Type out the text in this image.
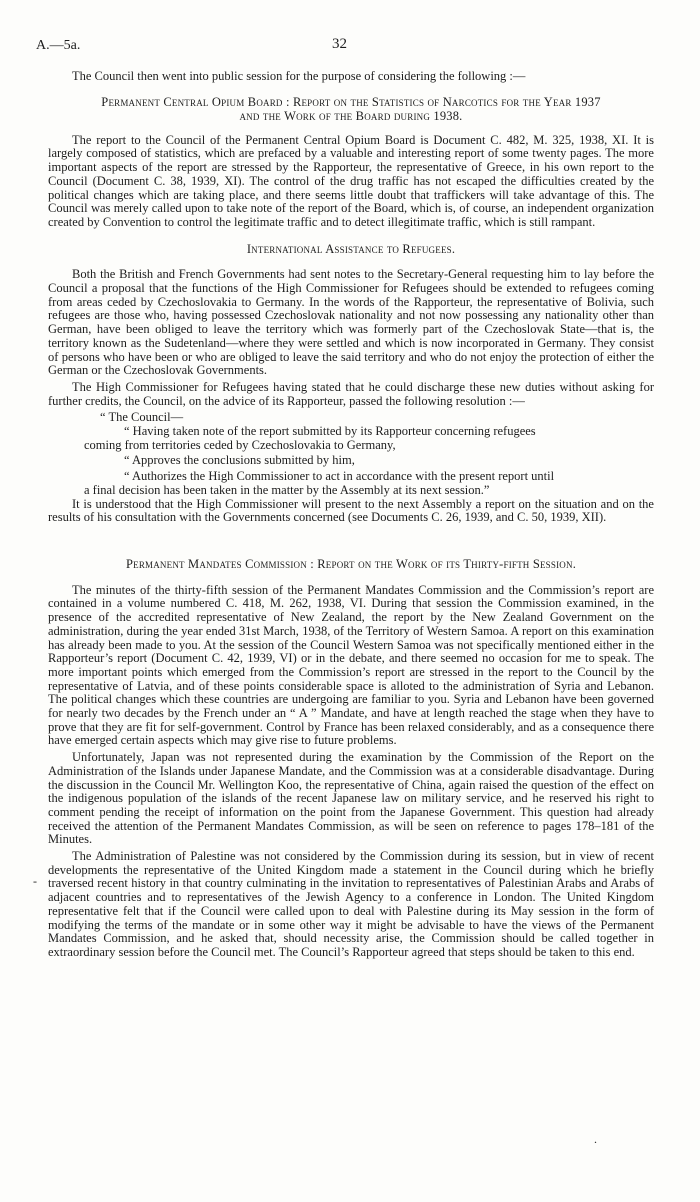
A.—5a.	32

The Council then went into public session for the purpose of considering the following :—

Permanent Central Opium Board : Report on the Statistics of Narcotics for the Year 1937
and the Work of the Board during 1938.

The report to the Council of the Permanent Central Opium Board is Document C. 482, M. 325, 1938, XI. It is largely composed of statistics, which are prefaced by a valuable and interesting report of some twenty pages. The more important aspects of the report are stressed by the Rapporteur, the representative of Greece, in his own report to the Council (Document C. 38, 1939, XI). The control of the drug traffic has not escaped the difficulties created by the political changes which are taking place, and there seems little doubt that traffickers will take advantage of this. The Council was merely called upon to take note of the report of the Board, which is, of course, an independent organization created by Convention to control the legitimate traffic and to detect illegitimate traffic, which is still rampant.

International Assistance to Refugees.

Both the British and French Governments had sent notes to the Secretary-General requesting him to lay before the Council a proposal that the functions of the High Commissioner for Refugees should be extended to refugees coming from areas ceded by Czechoslovakia to Germany. In the words of the Rapporteur, the representative of Bolivia, such refugees are those who, having possessed Czechoslovak nationality and not now possessing any nationality other than German, have been obliged to leave the territory which was formerly part of the Czechoslovak State—that is, the territory known as the Sudetenland—where they were settled and which is now incorporated in Germany. They consist of persons who have been or who are obliged to leave the said territory and who do not enjoy the protection of either the German or the Czechoslovak Governments.

The High Commissioner for Refugees having stated that he could discharge these new duties without asking for further credits, the Council, on the advice of its Rapporteur, passed the following resolution :—

“ The Council—

“ Having taken note of the report submitted by its Rapporteur concerning refugees

coming from territories ceded by Czechoslovakia to Germany,

“ Approves the conclusions submitted by him,

“ Authorizes the High Commissioner to act in accordance with the present report until

a final decision has been taken in the matter by the Assembly at its next session.”

It is understood that the High Commissioner will present to the next Assembly a report on the situation and on the results of his consultation with the Governments concerned (see Documents C. 26, 1939, and C. 50, 1939, XII).

Permanent Mandates Commission : Report on the Work of its Thirty-fifth Session.

The minutes of the thirty-fifth session of the Permanent Mandates Commission and the Commission’s report are contained in a volume numbered C. 418, M. 262, 1938, VI. During that session the Commission examined, in the presence of the accredited representative of New Zealand, the report by the New Zealand Government on the administration, during the year ended 31st March, 1938, of the Territory of Western Samoa. A report on this examination has already been made to you. At the session of the Council Western Samoa was not specifically mentioned either in the Rapporteur’s report (Document C. 42, 1939, VI) or in the debate, and there seemed no occasion for me to speak. The more important points which emerged from the Commission’s report are stressed in the report to the Council by the representative of Latvia, and of these points considerable space is alloted to the administration of Syria and Lebanon. The political changes which these countries are undergoing are familiar to you. Syria and Lebanon have been governed for nearly two decades by the French under an “ A ” Mandate, and have at length reached the stage when they have to prove that they are fit for self-government. Control by France has been relaxed considerably, and as a consequence there have emerged certain aspects which may give rise to future problems.

Unfortunately, Japan was not represented during the examination by the Commission of the Report on the Administration of the Islands under Japanese Mandate, and the Commission was at a considerable disadvantage. During the discussion in the Council Mr. Wellington Koo, the representative of China, again raised the question of the effect on the indigenous population of the islands of the recent Japanese law on military service, and he reserved his right to comment pending the receipt of information on the point from the Japanese Government. This question had already received the attention of the Permanent Mandates Commission, as will be seen on reference to pages 178–181 of the Minutes.

The Administration of Palestine was not considered by the Commission during its session, but in view of recent developments the representative of the United Kingdom made a statement in the Council during which he briefly traversed recent history in that country culminating in the invitation to representatives of Palestinian Arabs and Arabs of adjacent countries and to representatives of the Jewish Agency to a conference in London. The United Kingdom representative felt that if the Council were called upon to deal with Palestine during its May session in the form of modifying the terms of the mandate or in some other way it might be advisable to have the views of the Permanent Mandates Commission, and he asked that, should necessity arise, the Commission should be called together in extraordinary session before the Council met. The Council’s Rapporteur agreed that steps should be taken to this end.

-
.
